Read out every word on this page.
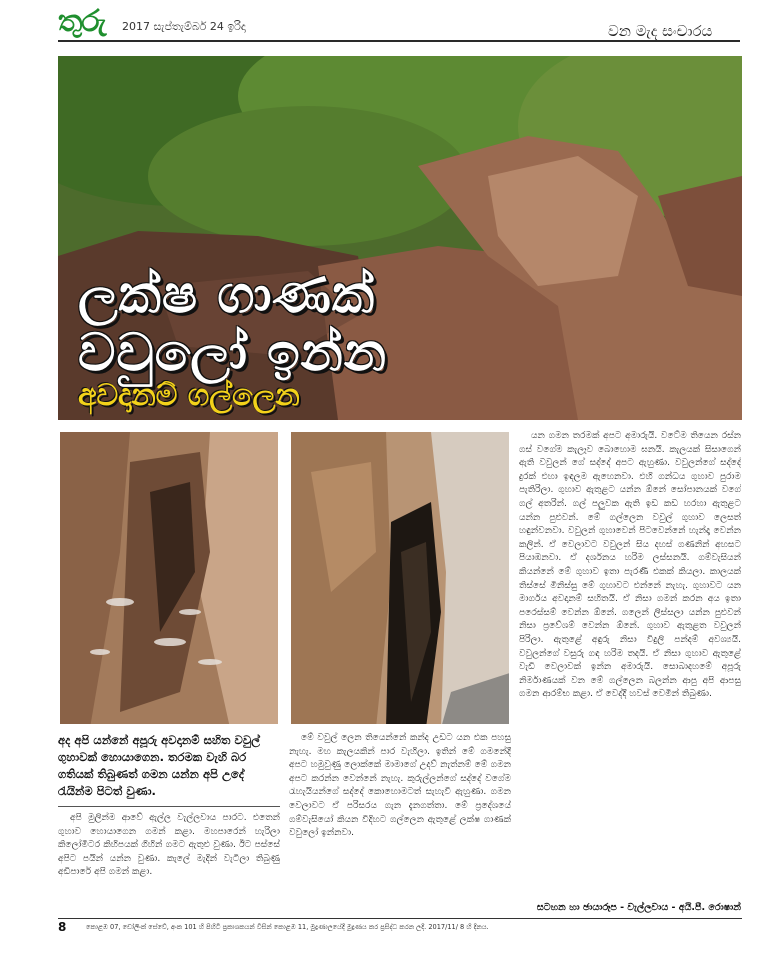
තුරු 2017 සැප්තැම්බර් 24 ඉරිදා	වන මැද සංචාරය
ලක්ෂ ගාණක්
වවුලෝ ඉන්න
අවදානම් ගල්ලෙන
අද අපි යන්නේ අපූරු අවදානම් සහිත වවුල් ගුහාවක් හොයාගෙන. තරමක වැහි බර ගතියක් තිබුණත් ගමන යන්න අපි උදේ රැයින්ම පිටත් වුණා.

අපි මුලින්ම ආවේ ඇල්ල වැල්ලවාය පාරට. එතෙන් ගුහාව හොයාගෙන ගමන් කළා. මහපාරෙන් හැරිලා කිලෝමීටර කිහිපයක් ගිහින් ගමට ඇතුළු වුණා. ඊට පස්සේ අපිට පයින් යන්න වුණා. කැලේ මැදින් වැටිලා තිබුණු අඩිපාරේ අපි ගමන් කළා.

මේ වවුල් ලෙන තියෙන්නේ කන්ද උඩට යන එක පහසු නැහැ. මහ කැලයකින් පාර වැහිලා. ඉතින් මේ ගමනේදී අපට හමුවුණු ලොක්කේ මාමාගේ උදව් නැත්නම් මේ ගමන අපට කරන්න වෙන්නේ නැහැ. කුරුල්ලන්ගේ සද්දේ වගේම රැහැයියන්ගේ සද්දේ කොහොමටත් සැහැවී ඇහුණා. ගමන වෙලාවට ඒ පරිසරය ගැන දැනගත්තා. මේ ප්‍රදේශයේ ගම්වැසියෝ කියන විදිහට ගල්ලෙන ඇතුළේ ලක්ෂ ගාණක් වවුලෝ ඉන්නවා.

යන ගමන තරමක් අපට අමාරුයි. වටේම තියෙන රස්න ගස් වගේම කැලෑව බොහොම ඝනයි. කැලයක් සිසාගෙන් ඇති වවුලන් ගේ සද්දේ අපට ඇහුණා. වවුලන්ගේ සද්දේ දුරක් එහා ඉඳලම ඇහෙනවා. එහි ගන්ධය ගුහාව පුරාම පැතිරිලා. ගුහාව ඇතුළට යන්න ඕනේ සෝපානයක් වගේ ගල් අතරින්. ගල් පලුවක ඇති ඉඩ කඩ හරහා ඇතුළට යන්න පුළුවන්. මේ ගල්ලෙන වවුල් ගුහාව ලෙසත් හඳුන්වනවා. වවුලන් ගුහාවෙන් පිටවෙන්නේ හැන්දෑ වෙන්න කලින්. ඒ වෙලාවට වවුලන් සිය දහස් ගණනින් අහසට පියාඹනවා. ඒ දර්ශනය හරිම ලස්සනයි. ගම්වැසියන් කියන්නේ මේ ගුහාව ඉතා පැරණි එකක් කියලා. කාලයක් තිස්සේ මිනිස්සු මේ ගුහාවට එන්නේ නැහැ. ගුහාවට යන මාර්ගය අවදානම් සහිතයි. ඒ නිසා ගමන් කරන අය ඉතා පරෙස්සම් වෙන්න ඕනේ. ගලෙන් ලිස්සලා යන්න පුළුවන් නිසා ප්‍රවේශම් වෙන්න ඕනේ. ගුහාව ඇතුළත වවුලන් පිරිලා. ඇතුළේ අඳුරු නිසා විදුලි පන්දම් අවශ්‍යයි. වවුලන්ගේ වසුරු ගඳ හරිම තදයි. ඒ නිසා ගුහාව ඇතුළේ වැඩි වෙලාවක් ඉන්න අමාරුයි. සොබාදහමේ අපූරු නිර්මාණයක් වන මේ ගල්ලෙන බලන්න ආපු අපි ආපසු ගමන ආරම්භ කළා. ඒ වෙද්දී හවස් වෙමින් තිබුණා.

සටහන හා ඡායාරූප - වැල්ලවාය - අයි.පී. රොෂාන්
8	කොළඹ 07, ඩෝලිංක් සේවේ, අංක 101 හි පිහිටි ප්‍රකාශකයන් විසින් කොළඹ 11, මුද්‍රණාලයේදී මුද්‍රණය කර ප්‍රසිද්ධ කරන ලදී. 2017/11/ 8 හි දිනය.
